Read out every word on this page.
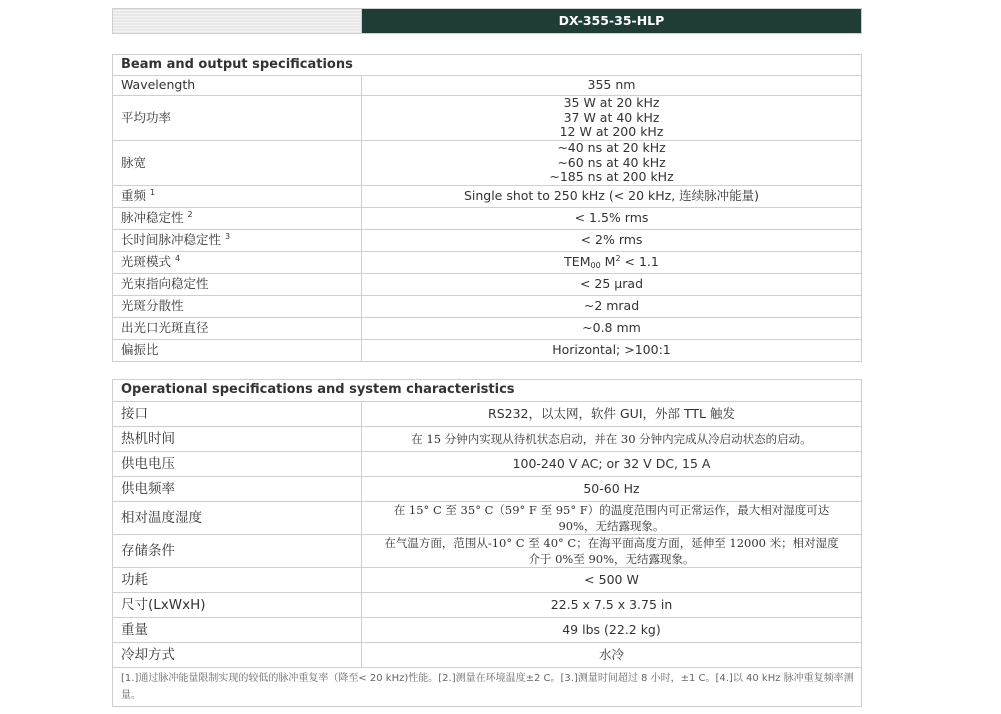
	DX-355-35-HLP

Beam and output specifications	
Wavelength	355 nm
平均功率	35 W at 20 kHz
37 W at 40 kHz
12 W at 200 kHz

脉宽	~40 ns at 20 kHz
~60 ns at 40 kHz
~185 ns at 200 kHz

重频 $^1$	Single shot to 250 kHz (< 20 kHz, 连续脉冲能量)
脉冲稳定性 $^2$	< 1.5% rms
长时间脉冲稳定性 $^3$	< 2% rms
光斑模式 $^4$	$TEM_{00}$ $M^2 < 1.1$
光束指向稳定性	< 25 μrad
光斑分散性	~2 mrad
出光口光斑直径	~0.8 mm
偏振比	Horizontal; >100:1

Operational specifications and system characteristics	
接口	RS232，以太网，软件 GUI，外部 TTL 触发
热机时间	在 15 分钟内实现从待机状态启动，并在 30 分钟内完成从冷启动状态的启动。
供电电压	100-240 V AC; or 32 V DC, 15 A
供电频率	50-60 Hz
相对温度湿度	在 15° C 至 35° C（59° F 至 95° F）的温度范围内可正常运作，最大相对湿度可达
90%，无结露现象。

存储条件	在气温方面，范围从-10° C 至 40° C；在海平面高度方面，延伸至 12000 米；相对湿度
介于 0%至 90%，无结露现象。

功耗	< 500 W
尺寸(LxWxH)	22.5 x 7.5 x 3.75 in
重量	49 lbs (22.2 kg)
冷却方式	水冷
[1.]通过脉冲能量限制实现的较低的脉冲重复率（降至< 20 kHz)性能。[2.]测量在环境温度±2 C。[3.]测量时间超过 8 小时，±1 C。[4.]以 40 kHz 脉冲重复频率测量。	
